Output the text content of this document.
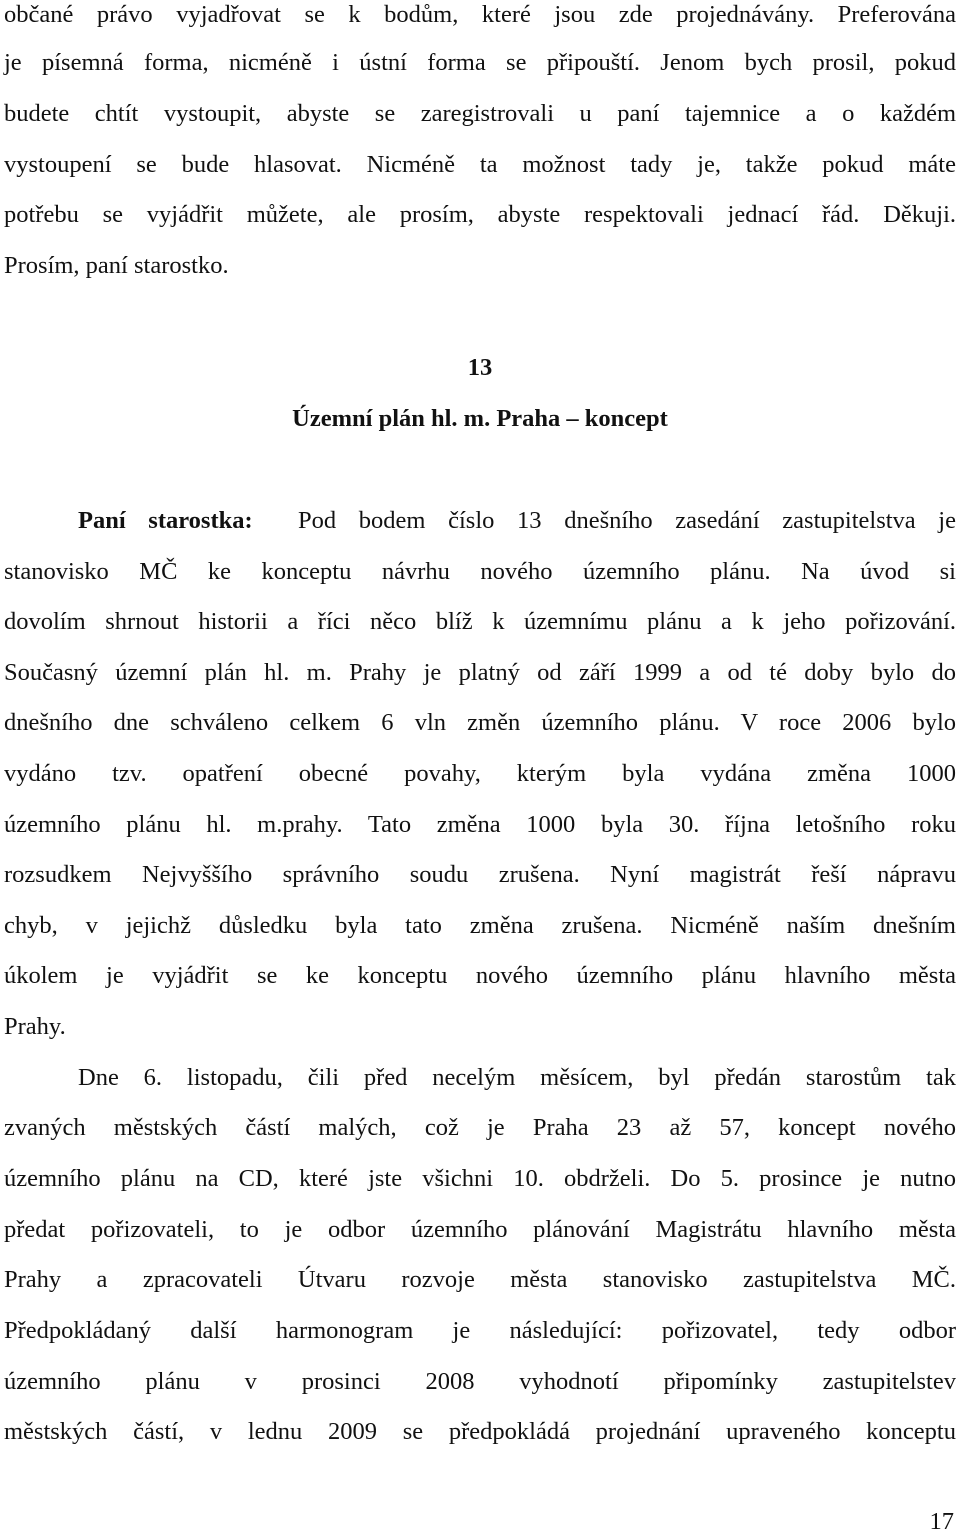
občané právo vyjadřovat se k bodům, které jsou zde projednávány. Preferována
je písemná forma, nicméně i ústní forma se připouští. Jenom bych prosil, pokud
budete chtít vystoupit, abyste se zaregistrovali u paní tajemnice a o každém
vystoupení se bude hlasovat. Nicméně ta možnost tady je, takže pokud máte
potřebu se vyjádřit můžete, ale prosím, abyste respektovali jednací řád. Děkuji.
Prosím, paní starostko.
13
Územní plán hl. m. Praha – koncept
Paní starostka: Pod bodem číslo 13 dnešního zasedání zastupitelstva je
stanovisko MČ ke konceptu návrhu nového územního plánu. Na úvod si
dovolím shrnout historii a říci něco blíž k územnímu plánu a k jeho pořizování.
Současný územní plán hl. m. Prahy je platný od září 1999 a od té doby bylo do
dnešního dne schváleno celkem 6 vln změn územního plánu. V roce 2006 bylo
vydáno tzv. opatření obecné povahy, kterým byla vydána změna 1000
územního plánu hl. m.prahy. Tato změna 1000 byla 30. října letošního roku
rozsudkem Nejvyššího správního soudu zrušena. Nyní magistrát řeší nápravu
chyb, v jejichž důsledku byla tato změna zrušena. Nicméně naším dnešním
úkolem je vyjádřit se ke konceptu nového územního plánu hlavního města
Prahy.
Dne 6. listopadu, čili před necelým měsícem, byl předán starostům tak
zvaných městských částí malých, což je Praha 23 až 57, koncept nového
územního plánu na CD, které jste všichni 10. obdrželi. Do 5. prosince je nutno
předat pořizovateli, to je odbor územního plánování Magistrátu hlavního města
Prahy a zpracovateli Útvaru rozvoje města stanovisko zastupitelstva MČ.
Předpokládaný další harmonogram je následující: pořizovatel, tedy odbor
územního plánu v prosinci 2008 vyhodnotí připomínky zastupitelstev
městských částí, v lednu 2009 se předpokládá projednání upraveného konceptu
17
